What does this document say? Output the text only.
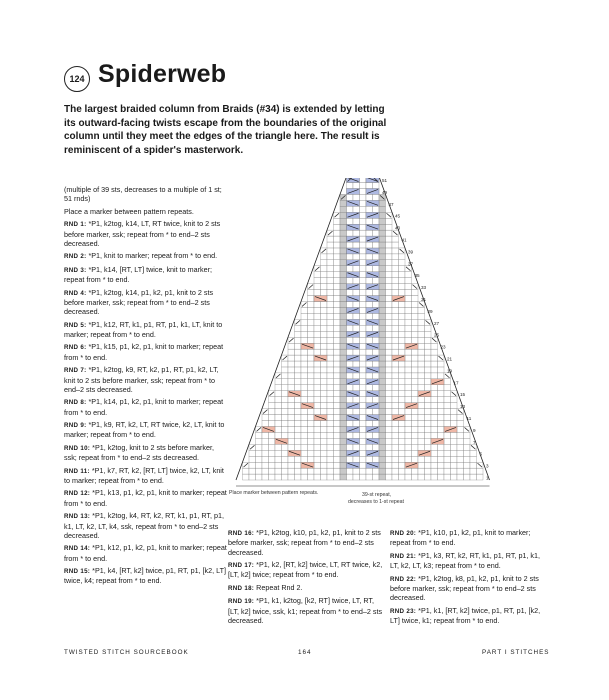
124 Spiderweb
The largest braided column from Braids (#34) is extended by letting its outward-facing twists escape from the boundaries of the original column until they meet the edges of the triangle here. The result is reminiscent of a spider's masterwork.

(multiple of 39 sts, decreases to a multiple of 1 st; 51 rnds)

Place a marker between pattern repeats.

RND 1: *P1, k2tog, k14, LT, RT twice, knit to 2 sts before marker, ssk; repeat from * to end–2 sts decreased.

RND 2: *P1, knit to marker; repeat from * to end.

RND 3: *P1, k14, [RT, LT] twice, knit to marker; repeat from * to end.

RND 4: *P1, k2tog, k14, p1, k2, p1, knit to 2 sts before marker, ssk; repeat from * to end–2 sts decreased.

RND 5: *P1, k12, RT, k1, p1, RT, p1, k1, LT, knit to marker; repeat from * to end.

RND 6: *P1, k15, p1, k2, p1, knit to marker; repeat from * to end.

RND 7: *P1, k2tog, k9, RT, k2, p1, RT, p1, k2, LT, knit to 2 sts before marker, ssk; repeat from * to end–2 sts decreased.

RND 8: *P1, k14, p1, k2, p1, knit to marker; repeat from * to end.

RND 9: *P1, k9, RT, k2, LT, RT twice, k2, LT, knit to marker; repeat from * to end.

RND 10: *P1, k2tog, knit to 2 sts before marker, ssk; repeat from * to end–2 sts decreased.

RND 11: *P1, k7, RT, k2, [RT, LT] twice, k2, LT, knit to marker; repeat from * to end.

RND 12: *P1, k13, p1, k2, p1, knit to marker; repeat from * to end.

RND 13: *P1, k2tog, k4, RT, k2, RT, k1, p1, RT, p1, k1, LT, k2, LT, k4, ssk, repeat from * to end–2 sts decreased.

RND 14: *P1, k12, p1, k2, p1, knit to marker; repeat from * to end.

RND 15: *P1, k4, [RT, k2] twice, p1, RT, p1, [k2, LT] twice, k4; repeat from * to end.

RND 16: *P1, k2tog, k10, p1, k2, p1, knit to 2 sts before marker, ssk; repeat from * to end–2 sts decreased.

RND 17: *P1, k2, [RT, k2] twice, LT, RT twice, k2, [LT, k2] twice; repeat from * to end.

RND 18: Repeat Rnd 2.

RND 19: *P1, k1, k2tog, [k2, RT] twice, LT, RT, [LT, k2] twice, ssk, k1; repeat from * to end–2 sts decreased.

RND 20: *P1, k10, p1, k2, p1, knit to marker; repeat from * to end.

RND 21: *P1, k3, RT, k2, RT, k1, p1, RT, p1, k1, LT, k2, LT, k3; repeat from * to end.

RND 22: *P1, k2tog, k8, p1, k2, p1, knit to 2 sts before marker, ssk; repeat from * to end–2 sts decreased.

RND 23: *P1, k1, [RT, k2] twice, p1, RT, p1, [k2, LT] twice, k1; repeat from * to end.

1
3
5
7
9
11
13
15
17
19
21
23
25
27
29
31
33
35
37
39
41
43
45
47
49
51
Place marker between pattern repeats.	39-st repeat,
decreases to 1-st repeat
TWISTED STITCH SOURCEBOOK	164	PART I STITCHES
